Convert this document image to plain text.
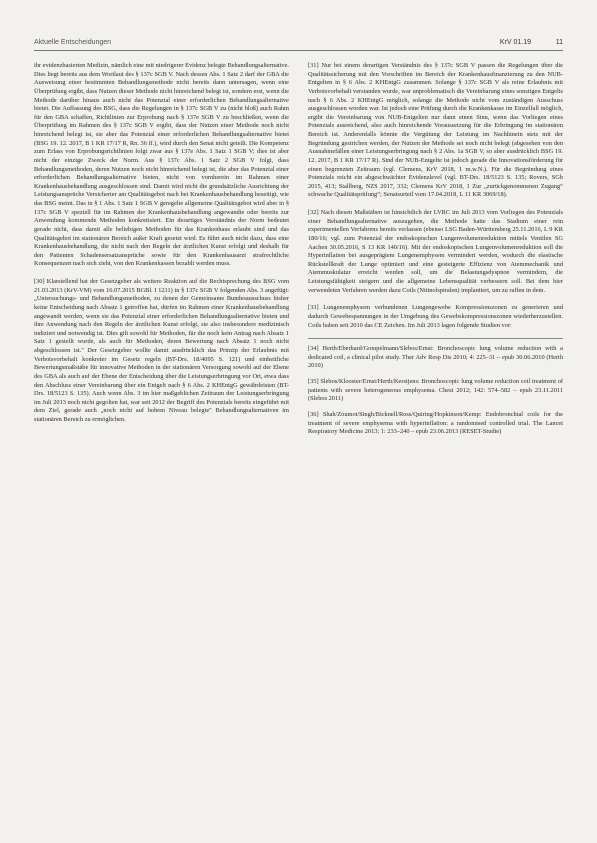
Aktuelle Entscheidungen	KrV 01.19	11

ihr evidenzbasierten Medizin, nämlich eine mit niedrigerer Evidenz belegte Behandlungsalternative. Dies liegt bereits aus dem Wortlaut des § 137c SGB V. Nach dessen Abs. 1 Satz 2 darf der GBA die Ausweisung einer bestimmten Behandlungsmethode nicht bereits dann untersagen, wenn eine Überprüfung ergibt, dass Nutzen dieser Methode nicht hinreichend belegt ist, sondern erst, wenn die Methode darüber hinaus auch nicht das Potenzial einer erforderlichen Behandlungsalternative bietet. Die Auffassung des BSG, dass die Regelungen in § 137c SGB V zu (nicht bloß) auch Rahm für den GBA schaffen, Richtlinien zur Erprobung nach § 137e SGB V zu beschließen, wenn die Überprüfung im Rahmen des § 137c SGB V ergibt, dass der Nutzen einer Methode noch nicht hinreichend belegt ist, sie aber das Potenzial einer erforderlichen Behandlungsalternative bietet (BSG 19. 12. 2017, B 1 KR 17/17 R, Rn. 36 ff.), wird durch den Senat nicht geteilt. Die Kompetenz zum Erlass von Erprobungsrichtlinien folgt zwar aus § 137e Abs. 1 Satz 1 SGB V; dies ist aber nicht der einzige Zweck der Norm. Aus § 137c Abs. 1 Satz 2 SGB V folgt, dass Behandlungsmethoden, deren Nutzen noch nicht hinreichend belegt ist, die aber das Potenzial einer erforderlichen Behandlungsalternative bieten, nicht von vornherein im Rahmen einer Krankenhausbehandlung ausgeschlossen sind. Damit wird nicht die grundsätzliche Ausrichtung der Leistungsansprüche Versicherter am Qualitätsgebot nach bei Krankenhausbehandlung beseitigt, wie das BSG meint. Das in § 1 Abs. 1 Satz 1 SGB V geregelte allgemeine Qualitätsgebot wird aber in § 137c SGB V speziell für im Rahmen der Krankenhausbehandlung angewandte oder bereits zur Anwendung kommende Methoden konkretisiert. Ein derartiges Verständnis der Norm bedeutet gerade nicht, dass damit alle beliebigen Methoden für das Krankenhaus erlaubt sind und das Qualitätsgebot im stationären Bereich außer Kraft gesetzt wird. Es führt auch nicht dazu, dass eine Krankenhausbehandlung, die nicht nach den Regeln der ärztlichen Kunst erfolgt und deshalb für den Patienten Schadensersatzansprüche sowie für den Krankenhausarzt strafrechtliche Konsequenzen nach sich zieht, von den Krankenkassen bezahlt werden muss.

[30] Klarstellend hat der Gesetzgeber als weitere Reaktion auf die Rechtsprechung des BSG vom 21.03.2013 (KrV-VM) vom 16.07.2015 BGBl. I 1211) in § 137c SGB V folgenden Abs. 3 angefügt: „Untersuchungs- und Behandlungsmethoden, zu denen der Gemeinsame Bundesausschuss bisher keine Entscheidung nach Absatz 1 getroffen hat, dürfen im Rahmen einer Krankenhausbehandlung angewandt werden, wenn sie das Potenzial einer erforderlichen Behandlungsalternative bieten und ihre Anwendung nach den Regeln der ärztlichen Kunst erfolgt, sie also insbesondere medizinisch indiziert und notwendig ist. Dies gilt sowohl für Methoden, für die noch kein Antrag nach Absatz 1 Satz 1 gestellt wurde, als auch für Methoden, deren Bewertung nach Absatz 1 noch nicht abgeschlossen ist." Der Gesetzgeber wollte damit ausdrücklich das Prinzip der Erlaubnis mit Verbotsvorbehalt konkreter im Gesetz regeln (BT-Drs. 18/4095 S. 121) und einheitliche Bewertungsmaßstäbe für innovative Methoden in der stationären Versorgung sowohl auf der Ebene des GBA als auch auf der Ebene der Entscheidung über die Leistungserbringung vor Ort, etwa dass den Abschluss einer Vereinbarung über ein Entgelt nach § 6 Abs. 2 KHEntgG gewährleisten (BT-Drs. 18/5123 S. 135). Auch wenn Abs. 3 im hier maßgeblichen Zeitraum der Leistungserbringung im Juli 2013 noch nicht gegolten hat, war seit 2012 der Begriff des Potenzials bereits eingeführt mit dem Ziel, gerade auch „noch nicht auf hohem Niveau belegte" Behandlungsalternativen im stationären Bereich zu ermöglichen.

[31] Nur bei einem derartigen Verständnis des § 137c SGB V passen die Regelungen über die Qualitätssicherung mit den Vorschriften im Bereich der Krankenhausfinanzierung zu den NUB-Entgelten in § 6 Abs. 2 KHEntgG zusammen. Solange § 137c SGB V als reine Erlaubnis mit Verbotsvorbehalt verstanden wurde, war unproblematisch die Vereinbarung eines sonstigen Entgelts nach § 6 Abs. 2 KHEntgG möglich, solange die Methode nicht vom zuständigen Ausschuss ausgeschlossen worden war. Ist jedoch eine Prüfung durch die Krankenkasse im Einzelfall möglich, ergibt die Vereinbarung von NUB-Entgelten nur dann einen Sinn, wenn das Vorliegen eines Potenzials ausreichend, also auch hinreichende Voraussetzung für die Erbringung im stationären Bereich ist. Anderenfalls könnte die Vergütung der Leistung im Nachhinein stets mit der Begründung gestrichen werden, der Nutzen der Methode sei noch nicht belegt (abgesehen von den Ausnahmefällen einer Leistungserbringung nach § 2 Abs. 1a SGB V, so aber ausdrücklich BSG 19. 12. 2017, B 1 KR 17/17 R). Sind der NUB-Entgelte ist jedoch gerade die Innovationsförderung für einen begrenzten Zeitraum (vgl. Clemens, KrV 2018, 1 m.w.N.). Für die Begründung eines Potenzials reicht ein abgeschwächter Evidenzlevel (vgl. BT-Drs. 18/5123 S. 135; Rovers, SGb 2015, 413; Stallberg, NZS 2017, 332; Clemens KrV 2018, 1 Zur „zurückgenommenen Zugang“ schwache Qualitätsprüfung“; Senatsurteil vom 17.04.2018, L 11 KR 3069/18).

[32] Nach diesen Maßstäben ist hinsichtlich der LVRC im Juli 2013 vom Vorliegen des Potenzials einer Behandlungsalternative auszugehen, die Methode hatte das Stadium einer rein experimentellen Verfahrens bereits verlassen (ebenso LSG Baden-Württemberg 25.11.2016, L 9 KR 180/16; vgl. zum Potenzial der endoskopischen Lungenvolumenreduktion mittels Ventilen SG Aachen 30.05.2016, S 13 KR 140/16). Mit der endoskopischen Lungenvolumenreduktion soll die Hyperinflation bei ausgeprägtem Lungenemphysem vermindert werden, wodurch die elastische Rückstellkraft der Lunge optimiert und eine gesteigerte Effizienz von Atemmechanik und Atemmuskulatur erreicht werden soll, um die Belastungsdyspnoe vermindern, die Leistungsfähigkeit steigern und die allgemeine Lebensqualität verbessern soll. Bei dem hier verwendeten Verfahren werden dazu Coils (Nitinolspiralen) implantiert, um zu raffen in dem.

[33] Lungenemphysem verbundenen Lungengewebe Kompressionszonen zu generieren und dadurch Gewebespannungen in der Umgebung des Gewebskompressionszonen wiederherzustellen. Coils haben seit 2010 das CE Zeichen. Im Juli 2013 lagen folgende Studien vor:

[34] Herth/Eberhard/Gompelmann/Slebos/Ernst: Bronchoscopic lung volume reduction with a dedicated coil, a clinical pilot study. Ther Adv Resp Dis 2010; 4: 225–31 – epub 30.06.2010 (Herth 2010)

[35] Slebos/Klooster/Ernst/Herth/Kerstjens: Bronchoscopic lung volume reduction coil treatment of patients with severe heterogeneous emphysema. Chest 2012; 142: 574–582 – epub 23.11.2011 (Slebos 2011)

[36] Shah/Zoumot/Singh/Bicknell/Ross/Quiring/Hopkinson/Kemp: Endobronchial coils for the treatment of severe emphysema with hyperinflation: a randomised controlled trial. The Lancet Respiratory Medicine 2013; 1: 233–240 – epub 23.06.2013 (RESET-Studie)
